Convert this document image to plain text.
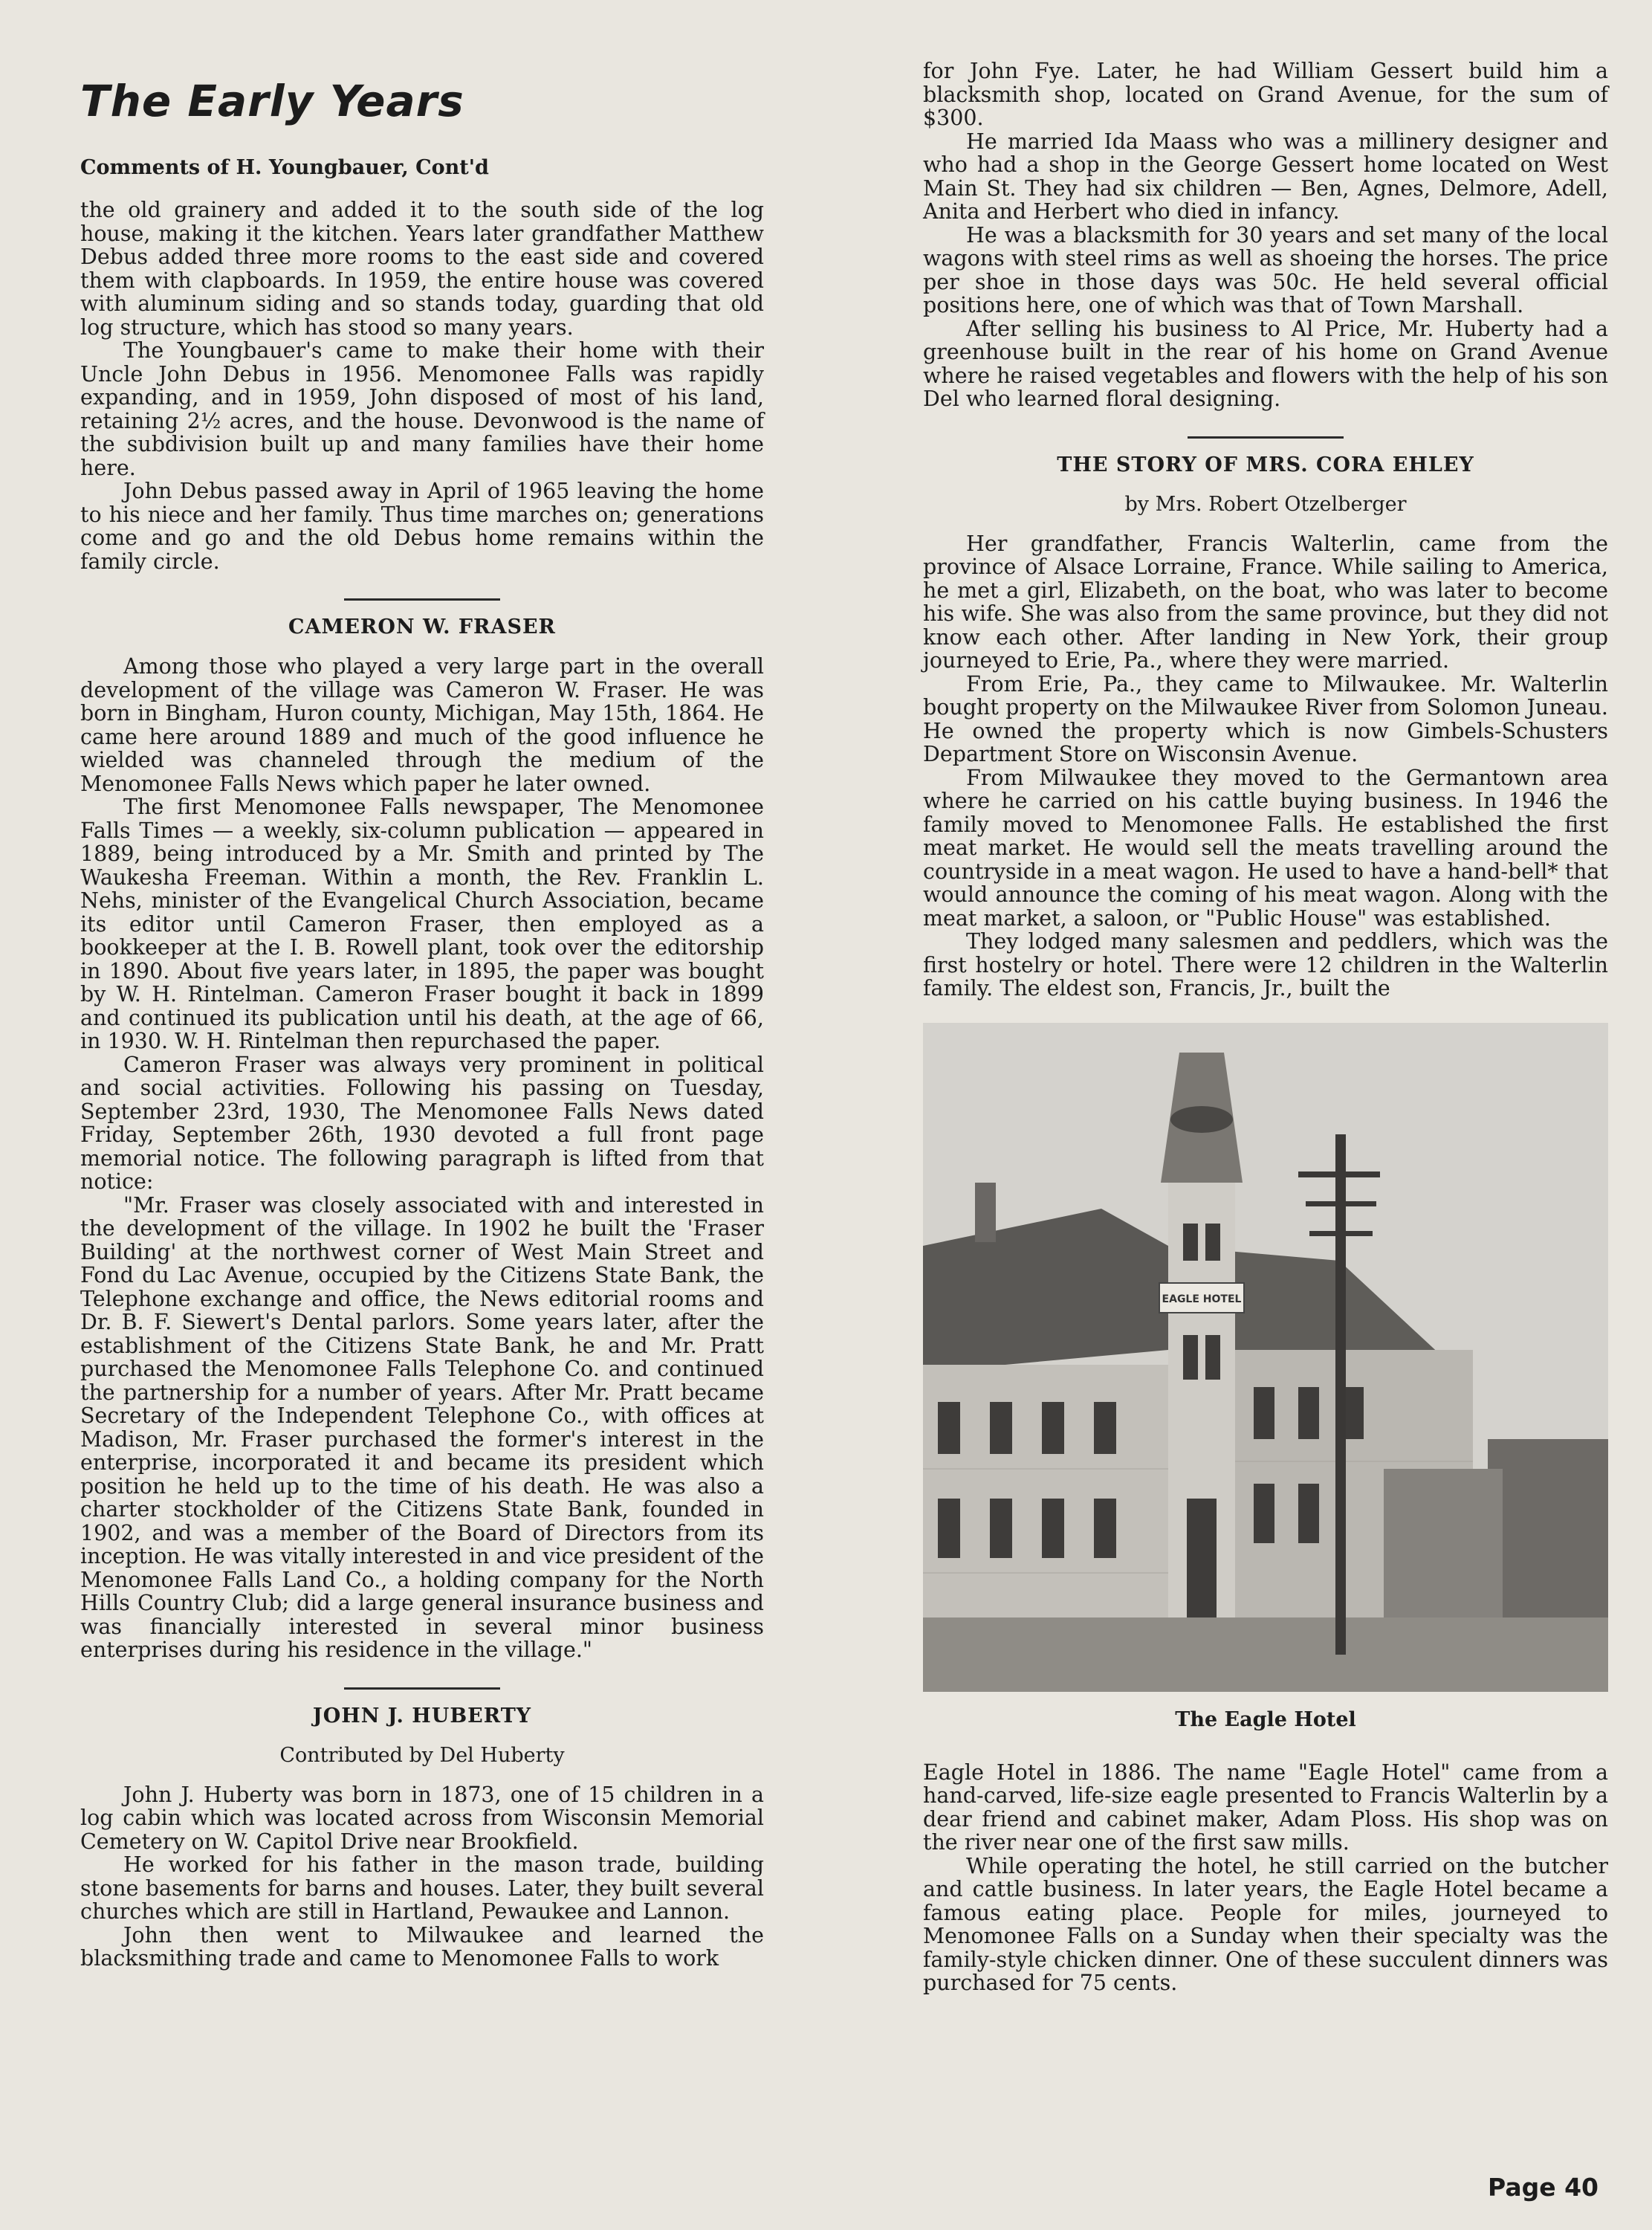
The Early Years
Comments of H. Youngbauer, Cont'd

the old grainery and added it to the south side of the log house, making it the kitchen. Years later grandfather Matthew Debus added three more rooms to the east side and covered them with clapboards. In 1959, the entire house was covered with aluminum siding and so stands today, guarding that old log structure, which has stood so many years.

The Youngbauer's came to make their home with their Uncle John Debus in 1956. Menomonee Falls was rapidly expanding, and in 1959, John disposed of most of his land, retaining 2½ acres, and the house. Devonwood is the name of the subdivision built up and many families have their home here.

John Debus passed away in April of 1965 leaving the home to his niece and her family. Thus time marches on; generations come and go and the old Debus home remains within the family circle.

CAMERON W. FRASER

Among those who played a very large part in the overall development of the village was Cameron W. Fraser. He was born in Bingham, Huron county, Michigan, May 15th, 1864. He came here around 1889 and much of the good influence he wielded was channeled through the medium of the Menomonee Falls News which paper he later owned.

The first Menomonee Falls newspaper, The Menomonee Falls Times — a weekly, six-column publication — appeared in 1889, being introduced by a Mr. Smith and printed by The Waukesha Freeman. Within a month, the Rev. Franklin L. Nehs, minister of the Evangelical Church Association, became its editor until Cameron Fraser, then employed as a bookkeeper at the I. B. Rowell plant, took over the editorship in 1890. About five years later, in 1895, the paper was bought by W. H. Rintelman. Cameron Fraser bought it back in 1899 and continued its publication until his death, at the age of 66, in 1930. W. H. Rintelman then repurchased the paper.

Cameron Fraser was always very prominent in political and social activities. Following his passing on Tuesday, September 23rd, 1930, The Menomonee Falls News dated Friday, September 26th, 1930 devoted a full front page memorial notice. The following paragraph is lifted from that notice:

"Mr. Fraser was closely associated with and interested in the development of the village. In 1902 he built the 'Fraser Building' at the northwest corner of West Main Street and Fond du Lac Avenue, occupied by the Citizens State Bank, the Telephone exchange and office, the News editorial rooms and Dr. B. F. Siewert's Dental parlors. Some years later, after the establishment of the Citizens State Bank, he and Mr. Pratt purchased the Menomonee Falls Telephone Co. and continued the partnership for a number of years. After Mr. Pratt became Secretary of the Independent Telephone Co., with offices at Madison, Mr. Fraser purchased the former's interest in the enterprise, incorporated it and became its president which position he held up to the time of his death. He was also a charter stockholder of the Citizens State Bank, founded in 1902, and was a member of the Board of Directors from its inception. He was vitally interested in and vice president of the Menomonee Falls Land Co., a holding company for the North Hills Country Club; did a large general insurance business and was financially interested in several minor business enterprises during his residence in the village."

JOHN J. HUBERTY
Contributed by Del Huberty

John J. Huberty was born in 1873, one of 15 children in a log cabin which was located across from Wisconsin Memorial Cemetery on W. Capitol Drive near Brookfield.

He worked for his father in the mason trade, building stone basements for barns and houses. Later, they built several churches which are still in Hartland, Pewaukee and Lannon.

John then went to Milwaukee and learned the blacksmithing trade and came to Menomonee Falls to work

for John Fye. Later, he had William Gessert build him a blacksmith shop, located on Grand Avenue, for the sum of $300.

He married Ida Maass who was a millinery designer and who had a shop in the George Gessert home located on West Main St. They had six children — Ben, Agnes, Delmore, Adell, Anita and Herbert who died in infancy.

He was a blacksmith for 30 years and set many of the local wagons with steel rims as well as shoeing the horses. The price per shoe in those days was 50c. He held several official positions here, one of which was that of Town Marshall.

After selling his business to Al Price, Mr. Huberty had a greenhouse built in the rear of his home on Grand Avenue where he raised vegetables and flowers with the help of his son Del who learned floral designing.

THE STORY OF MRS. CORA EHLEY
by Mrs. Robert Otzelberger

Her grandfather, Francis Walterlin, came from the province of Alsace Lorraine, France. While sailing to America, he met a girl, Elizabeth, on the boat, who was later to become his wife. She was also from the same province, but they did not know each other. After landing in New York, their group journeyed to Erie, Pa., where they were married.

From Erie, Pa., they came to Milwaukee. Mr. Walterlin bought property on the Milwaukee River from Solomon Juneau. He owned the property which is now Gimbels-Schusters Department Store on Wisconsin Avenue.

From Milwaukee they moved to the Germantown area where he carried on his cattle buying business. In 1946 the family moved to Menomonee Falls. He established the first meat market. He would sell the meats travelling around the countryside in a meat wagon. He used to have a hand-bell* that would announce the coming of his meat wagon. Along with the meat market, a saloon, or "Public House" was established.

They lodged many salesmen and peddlers, which was the first hostelry or hotel. There were 12 children in the Walterlin family. The eldest son, Francis, Jr., built the

EAGLE HOTEL
The Eagle Hotel

Eagle Hotel in 1886. The name "Eagle Hotel" came from a hand-carved, life-size eagle presented to Francis Walterlin by a dear friend and cabinet maker, Adam Ploss. His shop was on the river near one of the first saw mills.

While operating the hotel, he still carried on the butcher and cattle business. In later years, the Eagle Hotel became a famous eating place. People for miles, journeyed to Menomonee Falls on a Sunday when their specialty was the family-style chicken dinner. One of these succulent dinners was purchased for 75 cents.

Page 40
